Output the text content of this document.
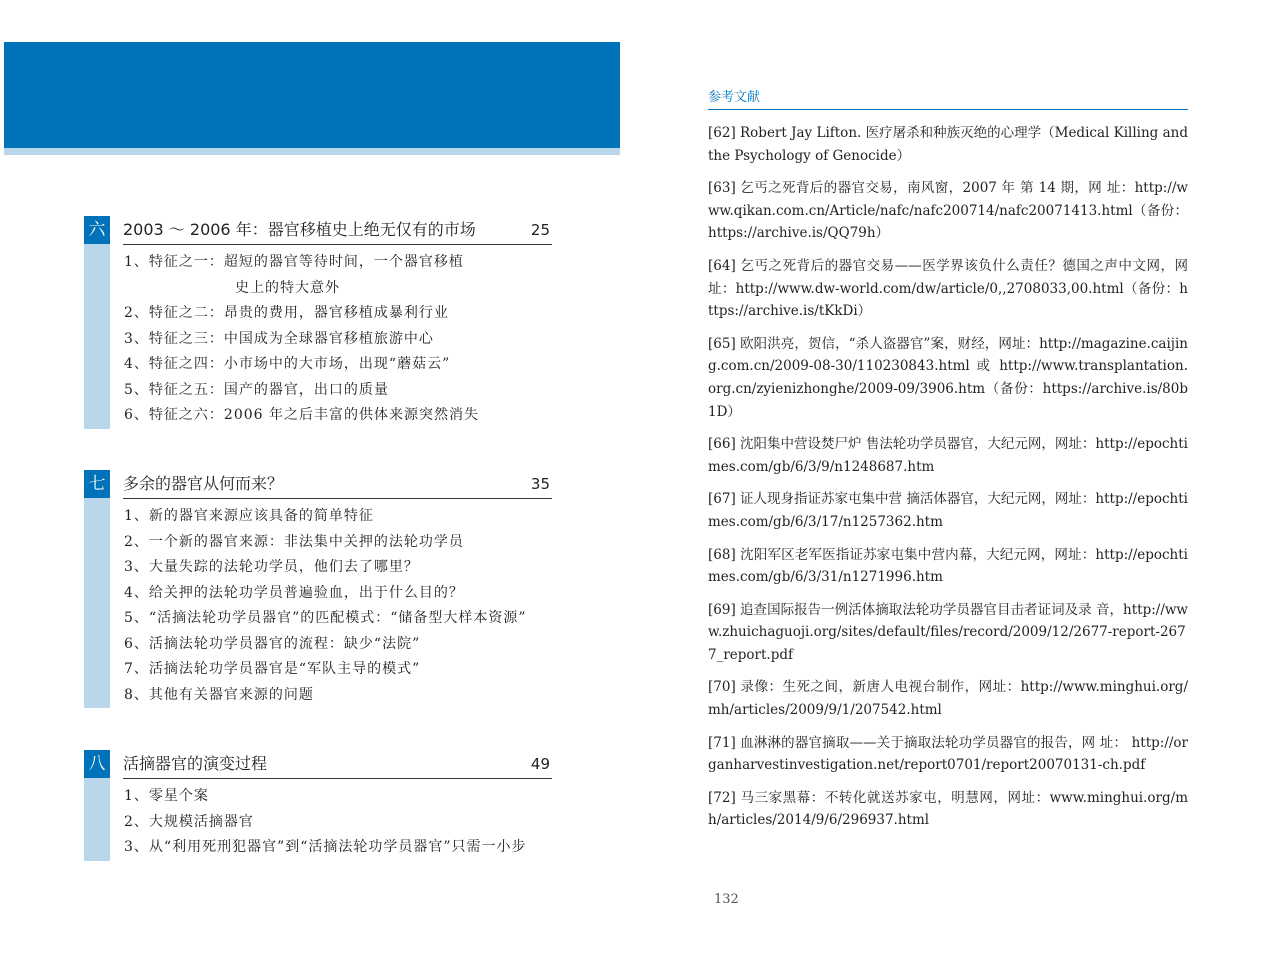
六 2003 ～ 2006 年：器官移植史上绝无仅有的市场	25
1、特征之一：超短的器官等待时间，一个器官移植
史上的特大意外
2、特征之二：昂贵的费用，器官移植成暴利行业
3、特征之三：中国成为全球器官移植旅游中心
4、特征之四：小市场中的大市场，出现“蘑菇云”
5、特征之五：国产的器官，出口的质量
6、特征之六：2006 年之后丰富的供体来源突然消失
七 多余的器官从何而来？	35
1、新的器官来源应该具备的简单特征
2、一个新的器官来源：非法集中关押的法轮功学员
3、大量失踪的法轮功学员，他们去了哪里？
4、给关押的法轮功学员普遍验血，出于什么目的？
5、“活摘法轮功学员器官”的匹配模式：“储备型大样本资源”
6、活摘法轮功学员器官的流程：缺少“法院”
7、活摘法轮功学员器官是“军队主导的模式”
8、其他有关器官来源的问题
八 活摘器官的演变过程	49
1、零星个案
2、大规模活摘器官
3、从“利用死刑犯器官”到“活摘法轮功学员器官”只需一小步
参考文献
[62] Robert Jay Lifton. 医疗屠杀和种族灭绝的心理学（Medical Killing and the Psychology of Genocide）
[63] 乞丐之死背后的器官交易，南风窗，2007 年 第 14 期，网 址：http://www.qikan.com.cn/Article/nafc/nafc200714/nafc20071413.html（备份：https://archive.is/QQ79h）
[64] 乞丐之死背后的器官交易——医学界该负什么责任？德国之声中文网，网址：http://www.dw-world.com/dw/article/0,,2708033,00.html（备份：https://archive.is/tKkDi）
[65] 欧阳洪亮，贺信，“杀人盗器官”案，财经，网址：http://magazine.caijing.com.cn/2009-08-30/110230843.html 或 http://www.transplantation.org.cn/zyienizhonghe/2009-09/3906.htm（备份：https://archive.is/80b1D）
[66] 沈阳集中营设焚尸炉 售法轮功学员器官，大纪元网，网址：http://epochtimes.com/gb/6/3/9/n1248687.htm
[67] 证人现身指证苏家屯集中营 摘活体器官，大纪元网，网址：http://epochtimes.com/gb/6/3/17/n1257362.htm
[68] 沈阳军区老军医指证苏家屯集中营内幕，大纪元网，网址：http://epochtimes.com/gb/6/3/31/n1271996.htm
[69] 追查国际报告一例活体摘取法轮功学员器官目击者证词及录 音，http://www.zhuichaguoji.org/sites/default/files/record/2009/12/2677-report-2677_report.pdf
[70] 录像：生死之间，新唐人电视台制作，网址：http://www.minghui.org/mh/articles/2009/9/1/207542.html
[71] 血淋淋的器官摘取——关于摘取法轮功学员器官的报告，网 址： http://organharvestinvestigation.net/report0701/report20070131-ch.pdf
[72] 马三家黑幕：不转化就送苏家屯，明慧网，网址：www.minghui.org/mh/articles/2014/9/6/296937.html
132
